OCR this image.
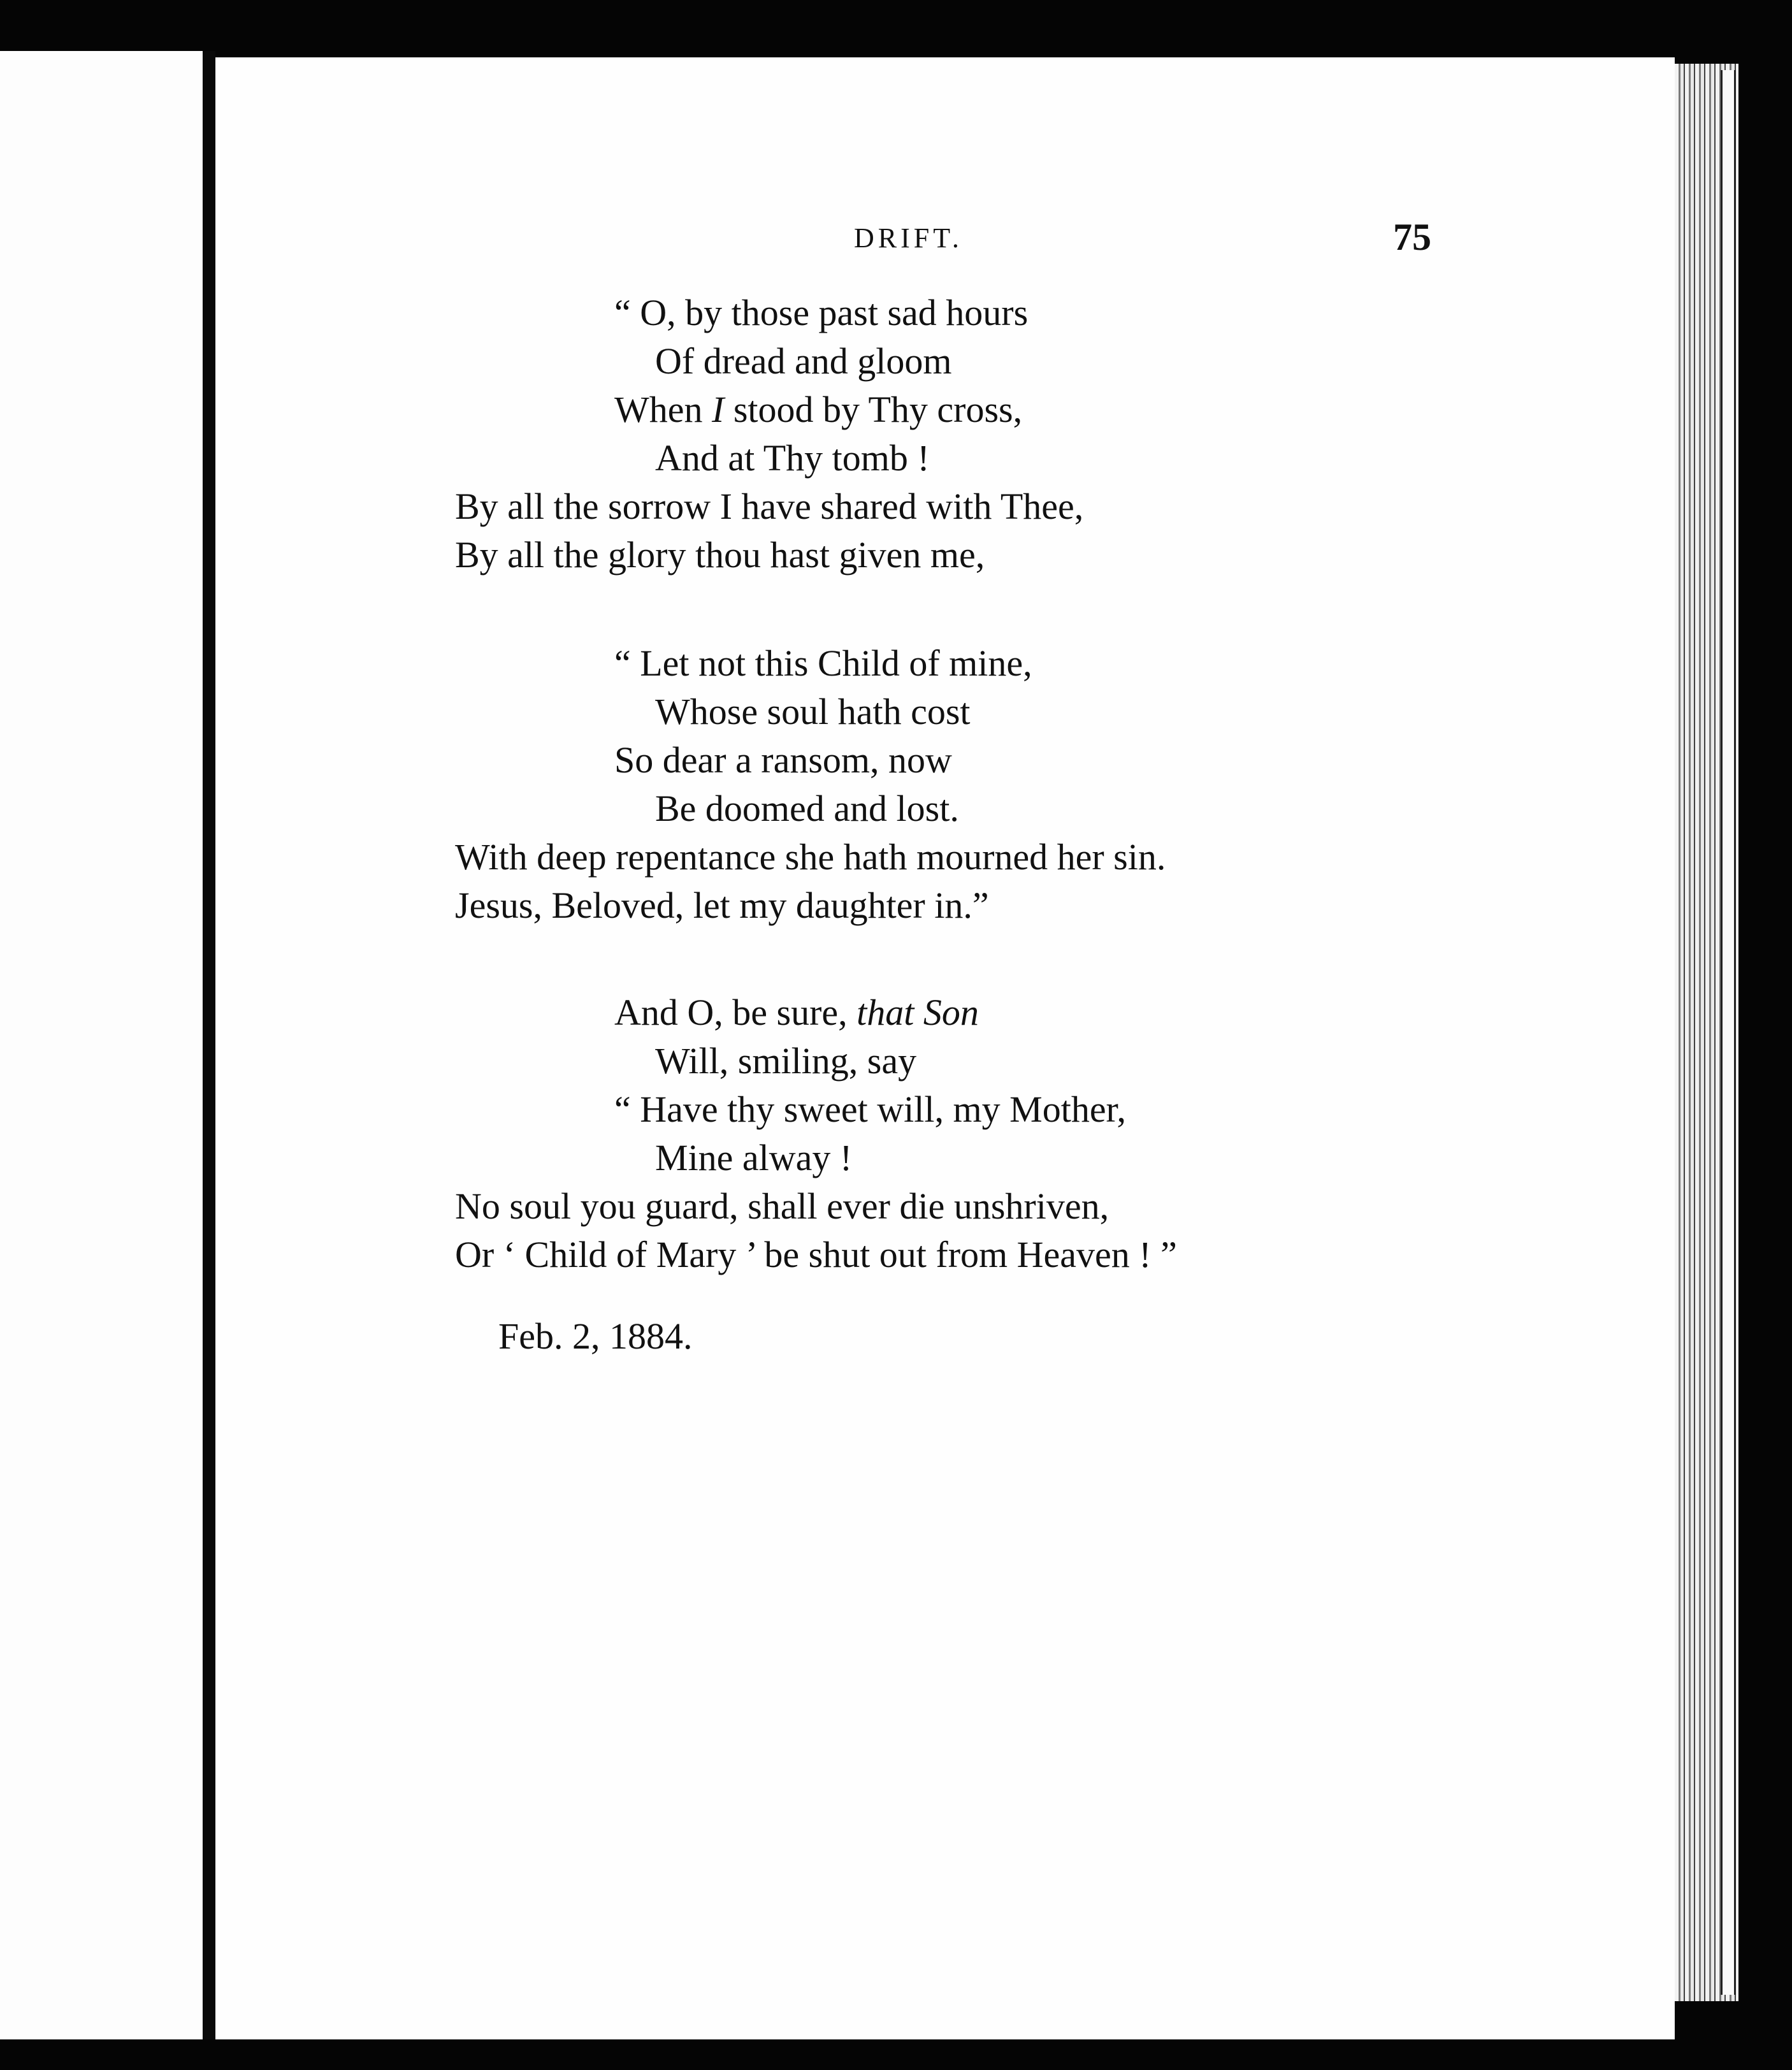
DRIFT.	75
“ O, by those past sad hours
Of dread and gloom
When I stood by Thy cross,
And at Thy tomb !
By all the sorrow I have shared with Thee,
By all the glory thou hast given me,
“ Let not this Child of mine,
Whose soul hath cost
So dear a ransom, now
Be doomed and lost.
With deep repentance she hath mourned her sin.
Jesus, Beloved, let my daughter in.”
And O, be sure, that Son
Will, smiling, say
“ Have thy sweet will, my Mother,
Mine alway !
No soul you guard, shall ever die unshriven,
Or ‘ Child of Mary ’ be shut out from Heaven ! ”
Feb. 2, 1884.
